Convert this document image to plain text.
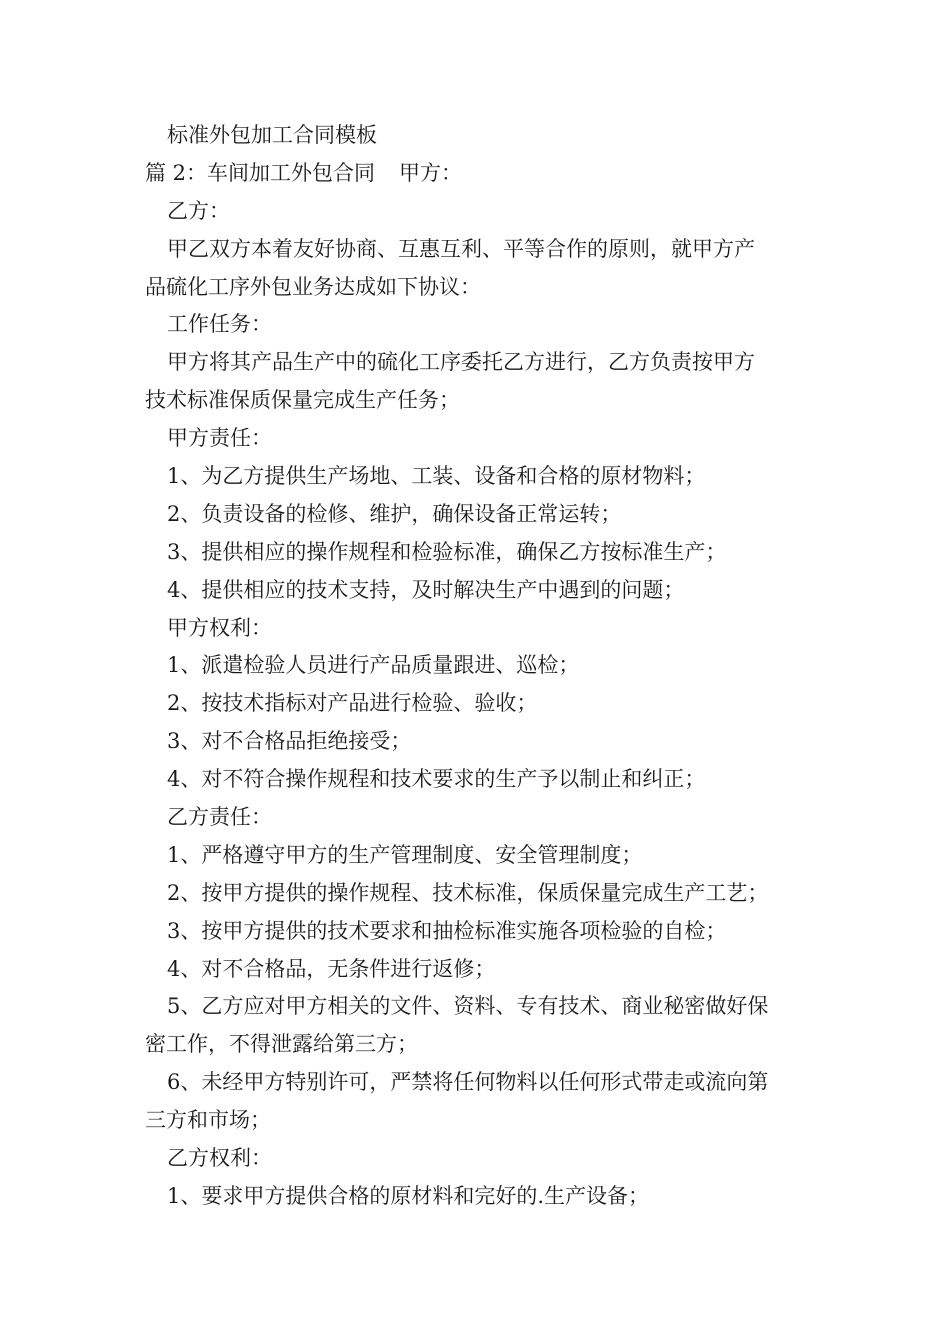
标准外包加工合同模板
篇 2：车间加工外包合同 甲方：
乙方：
甲乙双方本着友好协商、互惠互利、平等合作的原则，就甲方产
品硫化工序外包业务达成如下协议：
工作任务：
甲方将其产品生产中的硫化工序委托乙方进行，乙方负责按甲方
技术标准保质保量完成生产任务；
甲方责任：
1、为乙方提供生产场地、工装、设备和合格的原材物料；
2、负责设备的检修、维护，确保设备正常运转；
3、提供相应的操作规程和检验标准，确保乙方按标准生产；
4、提供相应的技术支持，及时解决生产中遇到的问题；
甲方权利：
1、派遣检验人员进行产品质量跟进、巡检；
2、按技术指标对产品进行检验、验收；
3、对不合格品拒绝接受；
4、对不符合操作规程和技术要求的生产予以制止和纠正；
乙方责任：
1、严格遵守甲方的生产管理制度、安全管理制度；
2、按甲方提供的操作规程、技术标准，保质保量完成生产工艺；
3、按甲方提供的技术要求和抽检标准实施各项检验的自检；
4、对不合格品，无条件进行返修；
5、乙方应对甲方相关的文件、资料、专有技术、商业秘密做好保
密工作，不得泄露给第三方；
6、未经甲方特别许可，严禁将任何物料以任何形式带走或流向第
三方和市场；
乙方权利：
1、要求甲方提供合格的原材料和完好的.生产设备；
